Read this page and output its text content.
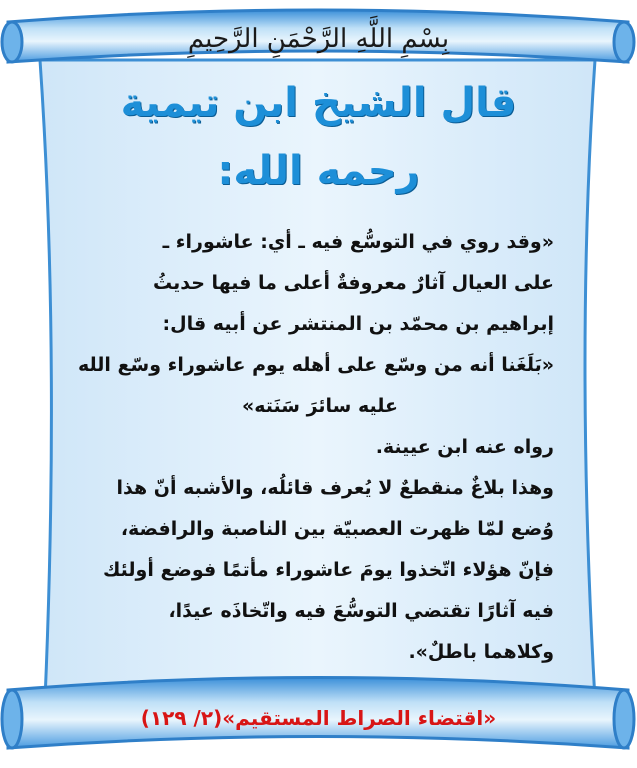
بِسْمِ اللَّهِ الرَّحْمَنِ الرَّحِيمِ
قال الشيخ ابن تيمية
رحمه الله:
«وقد روي في التوسُّع فيه ـ أي: عاشوراء ـ
على العيال آثارٌ معروفةٌ أعلى ما فيها حديثُ
إبراهيم بن محمّد بن المنتشر عن أبيه قال:
«بَلَغَنا أنه من وسّع على أهله يوم عاشوراء وسّع الله
عليه سائرَ سَنَته»
رواه عنه ابن عيينة.
وهذا بلاغٌ منقطعٌ لا يُعرف قائلُه، والأشبه أنّ هذا
وُضع لمّا ظهرت العصبيّة بين الناصبة والرافضة،
فإنّ هؤلاء اتّخذوا يومَ عاشوراء مأتمًا فوضع أولئك
فيه آثارًا تقتضي التوسُّعَ فيه واتّخاذَه عيدًا،
وكلاهما باطلٌ».
«اقتضاء الصراط المستقيم»(٢/ ١٢٩)
